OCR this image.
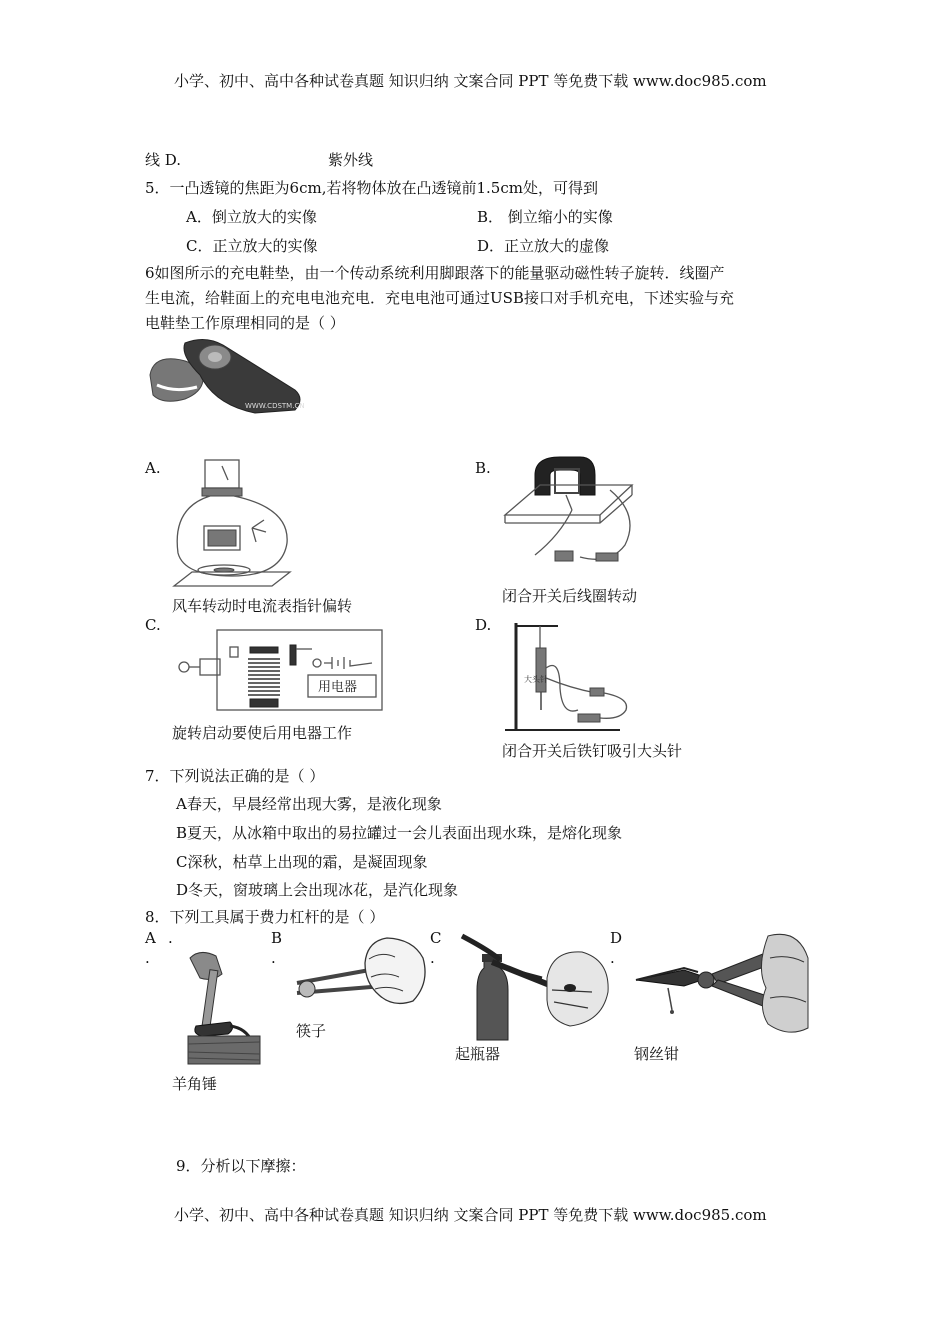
小学、初中、高中各种试卷真题 知识归纳 文案合同 PPT 等免费下载 www.doc985.com
线 D.	紫外线
5．一凸透镜的焦距为6cm,若将物体放在凸透镜前1.5cm处，可得到
A．倒立放大的实像	B． 倒立缩小的实像
C．正立放大的实像	D．正立放大的虚像
6如图所示的充电鞋垫，由一个传动系统利用脚跟落下的能量驱动磁性转子旋转．线圈产
生电流，给鞋面上的充电电池充电．充电电池可通过USB接口对手机充电，下述实验与充
电鞋垫工作原理相同的是（ ）
WWW.CDSTM.CN
A.	B.
风车转动时电流表指针偏转
闭合开关后线圈转动
C.	D.
用电器
旋转启动要使后用电器工作
大头针
闭合开关后铁钉吸引大头针
7．下列说法正确的是（ ）
A春天，早晨经常出现大雾，是液化现象
B夏天，从冰箱中取出的易拉罐过一会儿表面出现水珠，是熔化现象
C深秋，枯草上出现的霜，是凝固现象
D冬天，窗玻璃上会出现冰花，是汽化现象
8．下列工具属于费力杠杆的是（ ）
A .
.
B
.
C
.
D
.
羊角锤
筷子
起瓶器	钢丝钳
9．分析以下摩擦：
小学、初中、高中各种试卷真题 知识归纳 文案合同 PPT 等免费下载 www.doc985.com
